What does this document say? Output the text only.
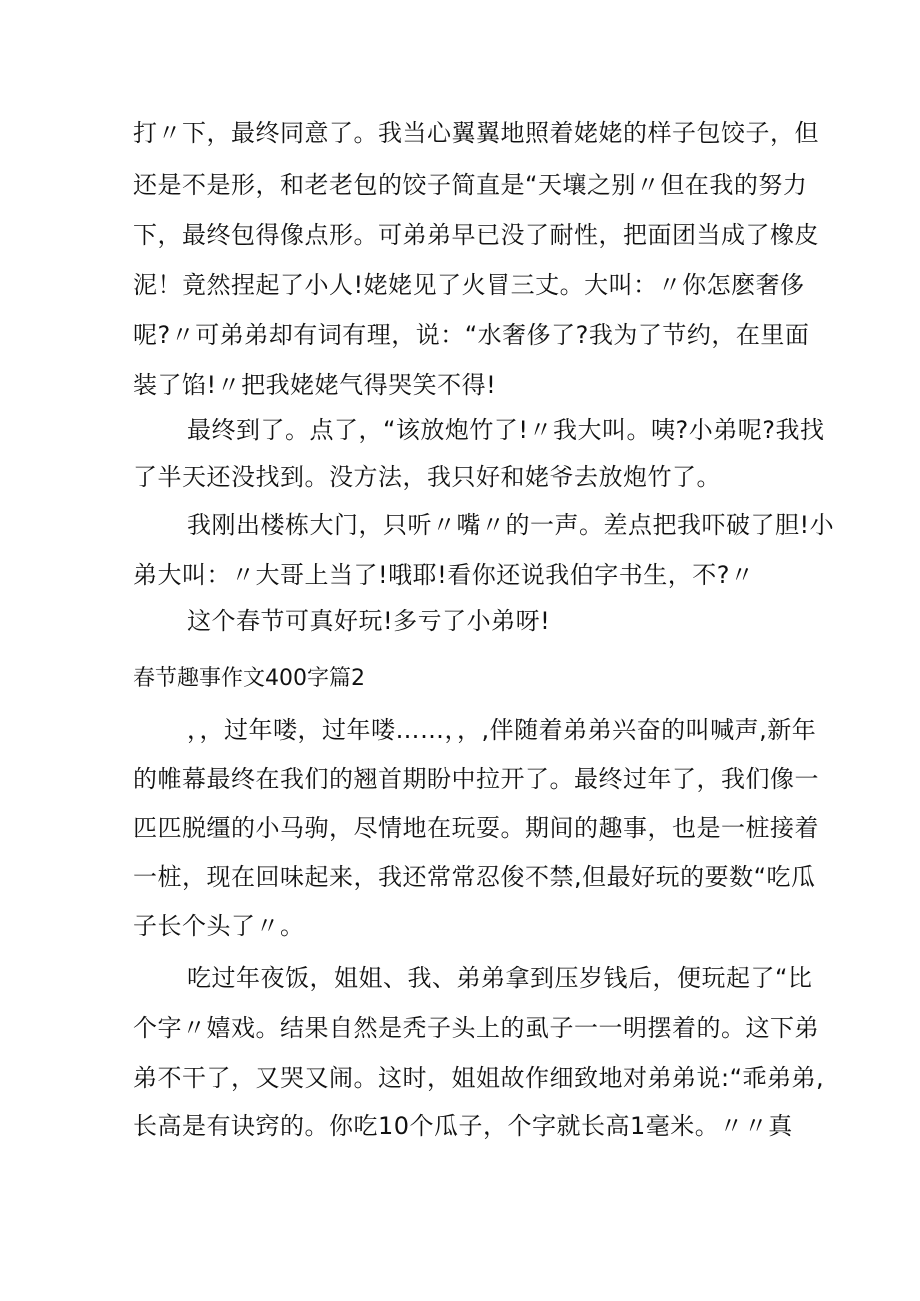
打〃下，最终同意了。我当心翼翼地照着姥姥的样子包饺子，但
还是不是形，和老老包的饺子简直是“天壤之别〃但在我的努力
下，最终包得像点形。可弟弟早已没了耐性，把面团当成了橡皮
泥！竟然捏起了小人!姥姥见了火冒三丈。大叫：〃你怎麽奢侈
呢?〃可弟弟却有词有理，说：“水奢侈了?我为了节约，在里面
装了馅!〃把我姥姥气得哭笑不得!
最终到了。点了，“该放炮竹了!〃我大叫。咦?小弟呢?我找
了半天还没找到。没方法，我只好和姥爷去放炮竹了。
我刚出楼栋大门，只听〃嘴〃的一声。差点把我吓破了胆!小
弟大叫：〃大哥上当了!哦耶!看你还说我伯字书生，不?〃
这个春节可真好玩!多亏了小弟呀!
春节趣事作文400字篇2
，，过年喽，过年喽……，，,伴随着弟弟兴奋的叫喊声,新年
的帷幕最终在我们的翘首期盼中拉开了。最终过年了，我们像一
匹匹脱缰的小马驹，尽情地在玩耍。期间的趣事，也是一桩接着
一桩，现在回味起来，我还常常忍俊不禁,但最好玩的要数“吃瓜
子长个头了〃。
吃过年夜饭，姐姐、我、弟弟拿到压岁钱后，便玩起了“比
个字〃嬉戏。结果自然是秃子头上的虱子一一明摆着的。这下弟
弟不干了，又哭又闹。这时，姐姐故作细致地对弟弟说:“乖弟弟,
长高是有诀窍的。你吃10个瓜子，个字就长高1毫米。〃〃真
